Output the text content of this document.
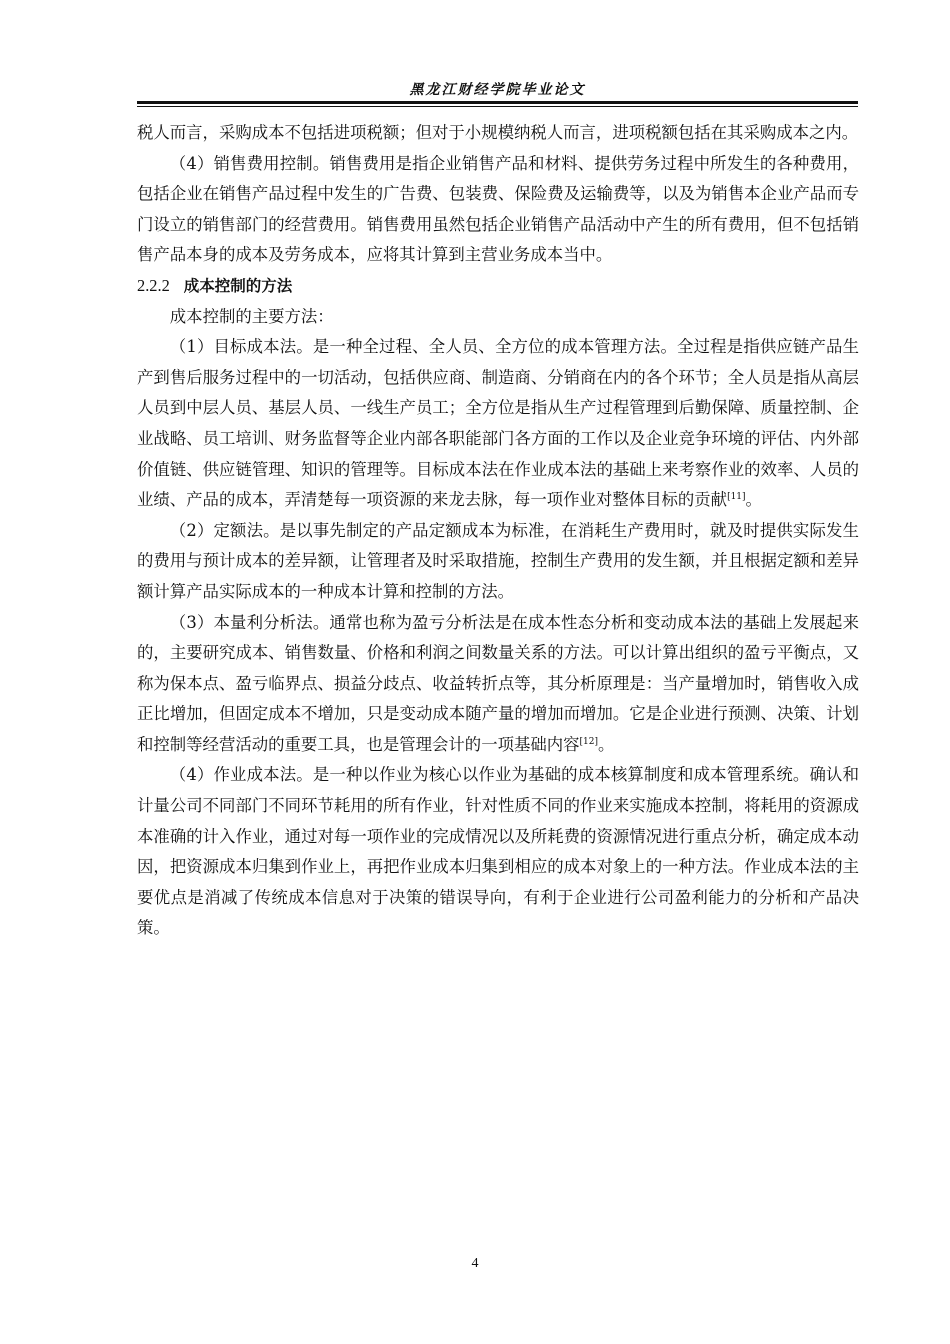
黑龙江财经学院毕业论文

税人而言，采购成本不包括进项税额；但对于小规模纳税人而言，进项税额包括在其采购成本之内。

（4）销售费用控制。销售费用是指企业销售产品和材料、提供劳务过程中所发生的各种费用，包括企业在销售产品过程中发生的广告费、包装费、保险费及运输费等，以及为销售本企业产品而专门设立的销售部门的经营费用。销售费用虽然包括企业销售产品活动中产生的所有费用，但不包括销售产品本身的成本及劳务成本，应将其计算到主营业务成本当中。

2.2.2 成本控制的方法

成本控制的主要方法：

（1）目标成本法。是一种全过程、全人员、全方位的成本管理方法。全过程是指供应链产品生产到售后服务过程中的一切活动，包括供应商、制造商、分销商在内的各个环节；全人员是指从高层人员到中层人员、基层人员、一线生产员工；全方位是指从生产过程管理到后勤保障、质量控制、企业战略、员工培训、财务监督等企业内部各职能部门各方面的工作以及企业竞争环境的评估、内外部价值链、供应链管理、知识的管理等。目标成本法在作业成本法的基础上来考察作业的效率、人员的业绩、产品的成本，弄清楚每一项资源的来龙去脉，每一项作业对整体目标的贡献[11]。

（2）定额法。是以事先制定的产品定额成本为标准，在消耗生产费用时，就及时提供实际发生的费用与预计成本的差异额，让管理者及时采取措施，控制生产费用的发生额，并且根据定额和差异额计算产品实际成本的一种成本计算和控制的方法。

（3）本量利分析法。通常也称为盈亏分析法是在成本性态分析和变动成本法的基础上发展起来的，主要研究成本、销售数量、价格和利润之间数量关系的方法。可以计算出组织的盈亏平衡点，又称为保本点、盈亏临界点、损益分歧点、收益转折点等，其分析原理是：当产量增加时，销售收入成正比增加，但固定成本不增加，只是变动成本随产量的增加而增加。它是企业进行预测、决策、计划和控制等经营活动的重要工具，也是管理会计的一项基础内容[12]。

（4）作业成本法。是一种以作业为核心以作业为基础的成本核算制度和成本管理系统。确认和计量公司不同部门不同环节耗用的所有作业，针对性质不同的作业来实施成本控制，将耗用的资源成本准确的计入作业，通过对每一项作业的完成情况以及所耗费的资源情况进行重点分析，确定成本动因，把资源成本归集到作业上，再把作业成本归集到相应的成本对象上的一种方法。作业成本法的主要优点是消减了传统成本信息对于决策的错误导向，有利于企业进行公司盈利能力的分析和产品决策。

4
